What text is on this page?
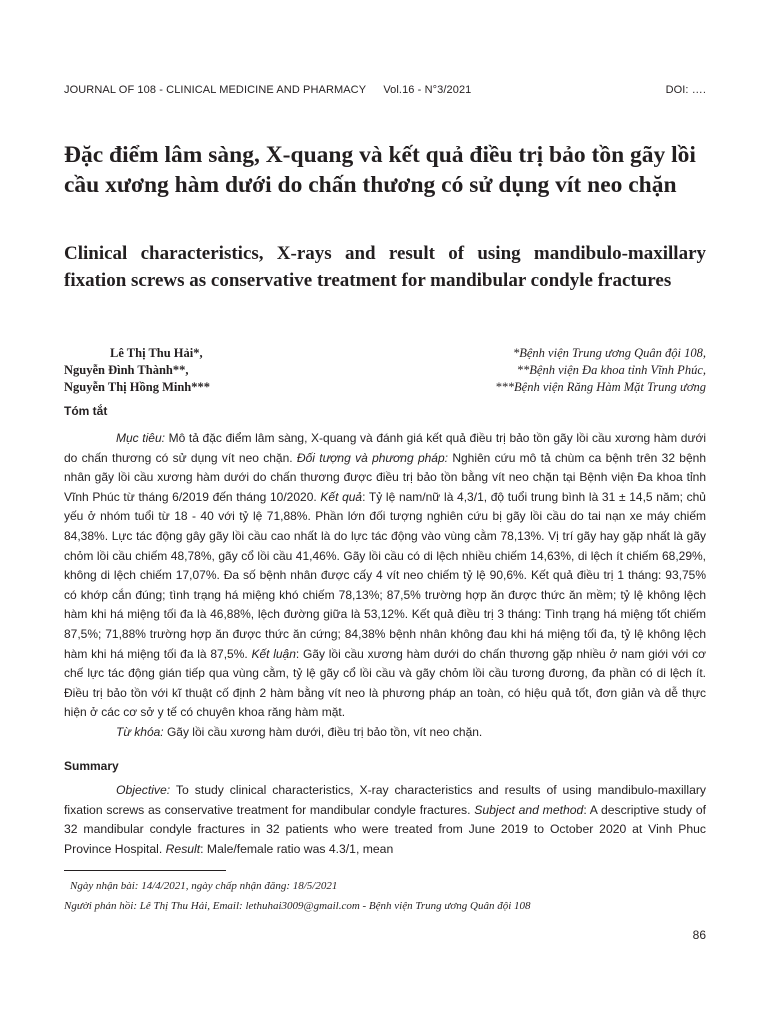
JOURNAL OF 108 - CLINICAL MEDICINE AND PHARMACY Vol.16 - N°3/2021	DOI: ….
Đặc điểm lâm sàng, X-quang và kết quả điều trị bảo tồn gãy lồi cầu xương hàm dưới do chấn thương có sử dụng vít neo chặn
Clinical characteristics, X-rays and result of using mandibulo-maxillary fixation screws as conservative treatment for mandibular condyle fractures
Lê Thị Thu Hải*,
Nguyễn Đình Thành**,
Nguyễn Thị Hồng Minh***
*Bệnh viện Trung ương Quân đội 108,
**Bệnh viện Đa khoa tỉnh Vĩnh Phúc,
***Bệnh viện Răng Hàm Mặt Trung ương
Tóm tắt

Mục tiêu: Mô tả đặc điểm lâm sàng, X-quang và đánh giá kết quả điều trị bảo tồn gãy lồi cầu xương hàm dưới do chấn thương có sử dụng vít neo chặn. Đối tượng và phương pháp: Nghiên cứu mô tả chùm ca bệnh trên 32 bệnh nhân gãy lồi cầu xương hàm dưới do chấn thương được điều trị bảo tồn bằng vít neo chặn tại Bệnh viện Đa khoa tỉnh Vĩnh Phúc từ tháng 6/2019 đến tháng 10/2020. Kết quả: Tỷ lệ nam/nữ là 4,3/1, độ tuổi trung bình là 31 ± 14,5 năm; chủ yếu ở nhóm tuổi từ 18 - 40 với tỷ lệ 71,88%. Phần lớn đối tượng nghiên cứu bị gãy lồi cầu do tai nạn xe máy chiếm 84,38%. Lực tác động gây gãy lồi cầu cao nhất là do lực tác động vào vùng cằm 78,13%. Vị trí gãy hay gặp nhất là gãy chỏm lồi cầu chiếm 48,78%, gãy cổ lồi cầu 41,46%. Gãy lồi cầu có di lệch nhiều chiếm 14,63%, di lệch ít chiếm 68,29%, không di lệch chiếm 17,07%. Đa số bệnh nhân được cấy 4 vít neo chiếm tỷ lệ 90,6%. Kết quả điều trị 1 tháng: 93,75% có khớp cắn đúng; tình trạng há miệng khó chiếm 78,13%; 87,5% trường hợp ăn được thức ăn mềm; tỷ lệ không lệch hàm khi há miệng tối đa là 46,88%, lệch đường giữa là 53,12%. Kết quả điều trị 3 tháng: Tình trạng há miệng tốt chiếm 87,5%; 71,88% trường hợp ăn được thức ăn cứng; 84,38% bệnh nhân không đau khi há miệng tối đa, tỷ lệ không lệch hàm khi há miệng tối đa là 87,5%. Kết luận: Gãy lồi cầu xương hàm dưới do chấn thương gặp nhiều ở nam giới với cơ chế lực tác động gián tiếp qua vùng cằm, tỷ lệ gãy cổ lồi cầu và gãy chỏm lồi cầu tương đương, đa phần có di lệch ít. Điều trị bảo tồn với kĩ thuật cố định 2 hàm bằng vít neo là phương pháp an toàn, có hiệu quả tốt, đơn giản và dễ thực hiện ở các cơ sở y tế có chuyên khoa răng hàm mặt.

Từ khóa: Gãy lồi cầu xương hàm dưới, điều trị bảo tồn, vít neo chặn.

Summary

Objective: To study clinical characteristics, X-ray characteristics and results of using mandibulo-maxillary fixation screws as conservative treatment for mandibular condyle fractures. Subject and method: A descriptive study of 32 mandibular condyle fractures in 32 patients who were treated from June 2019 to October 2020 at Vinh Phuc Province Hospital. Result: Male/female ratio was 4.3/1, mean

Ngày nhận bài: 14/4/2021, ngày chấp nhận đăng: 18/5/2021
Người phản hồi: Lê Thị Thu Hải, Email: lethuhai3009@gmail.com - Bệnh viện Trung ương Quân đội 108
86
